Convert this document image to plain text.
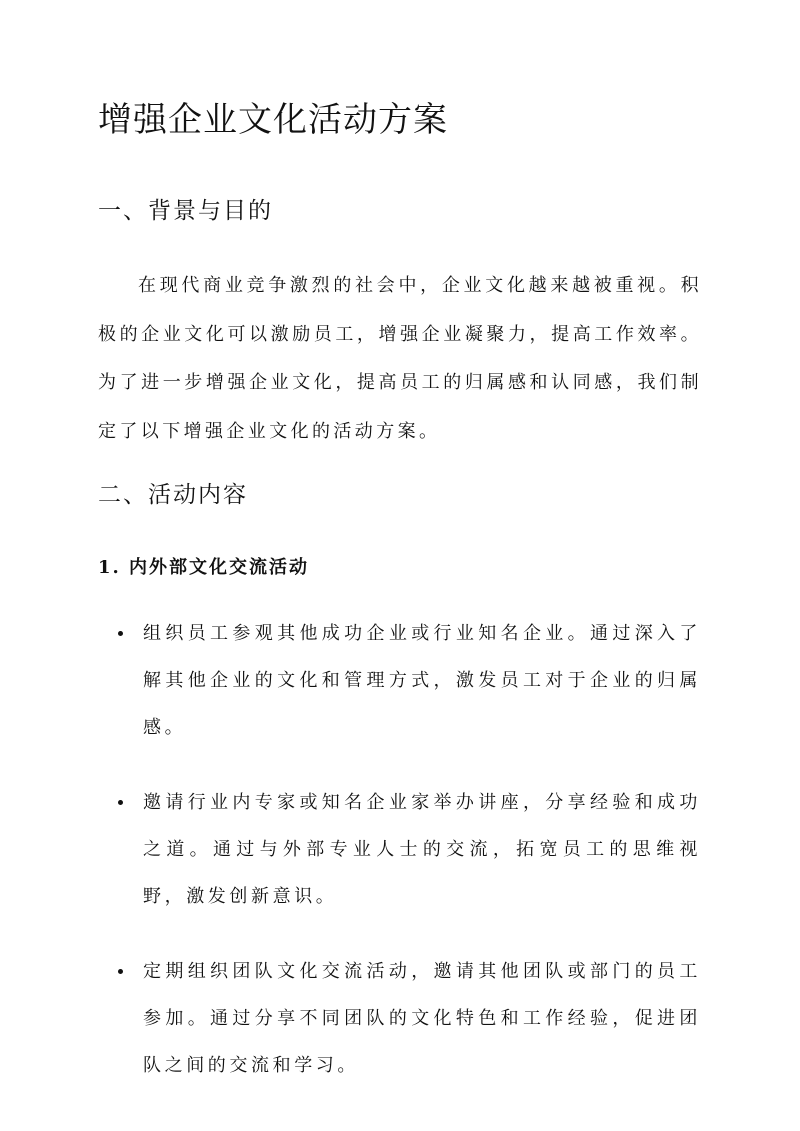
增强企业文化活动方案
一、背景与目的

在现代商业竞争激烈的社会中，企业文化越来越被重视。积极的企业文化可以激励员工，增强企业凝聚力，提高工作效率。为了进一步增强企业文化，提高员工的归属感和认同感，我们制定了以下增强企业文化的活动方案。

二、活动内容
1. 内外部文化交流活动
组织员工参观其他成功企业或行业知名企业。通过深入了解其他企业的文化和管理方式，激发员工对于企业的归属感。
邀请行业内专家或知名企业家举办讲座，分享经验和成功之道。通过与外部专业人士的交流，拓宽员工的思维视野，激发创新意识。
定期组织团队文化交流活动，邀请其他团队或部门的员工参加。通过分享不同团队的文化特色和工作经验，促进团队之间的交流和学习。
